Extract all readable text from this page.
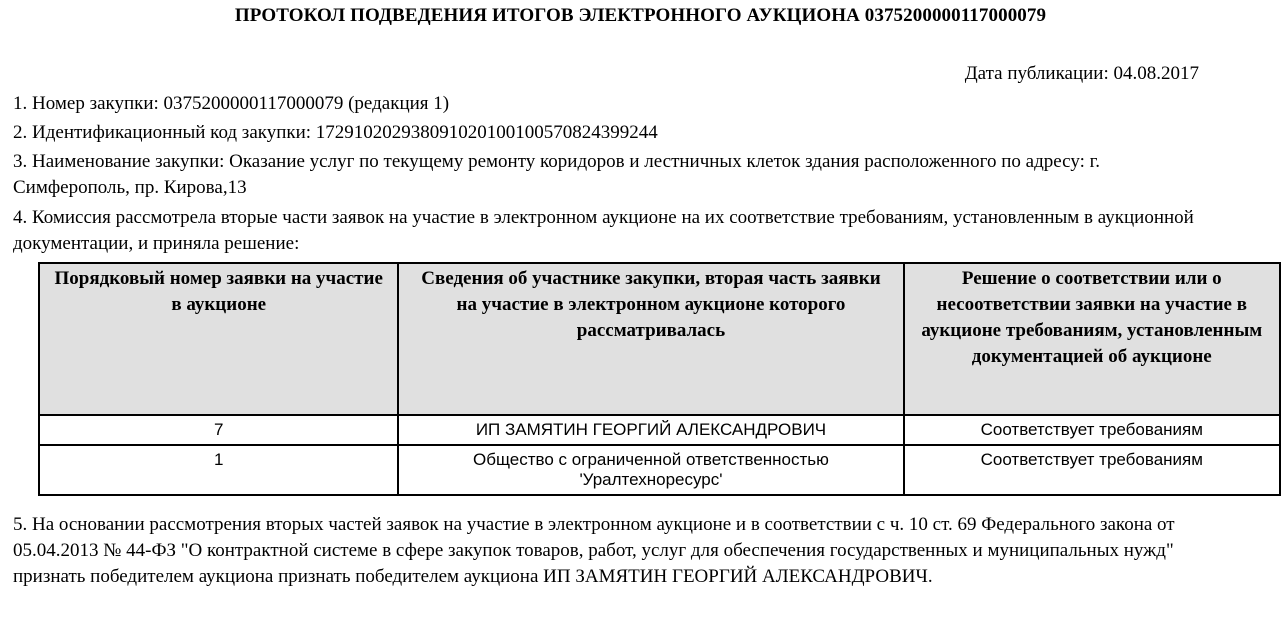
ПРОТОКОЛ ПОДВЕДЕНИЯ ИТОГОВ ЭЛЕКТРОННОГО АУКЦИОНА 0375200000117000079
Дата публикации: 04.08.2017
1. Номер закупки: 0375200000117000079 (редакция 1)
2. Идентификационный код закупки: 172910202938091020100100570824399244
3. Наименование закупки: Оказание услуг по текущему ремонту коридоров и лестничных клеток здания расположенного по адресу: г. Симферополь, пр. Кирова,13
4. Комиссия рассмотрела вторые части заявок на участие в электронном аукционе на их соответствие требованиям, установленным в аукционной документации, и приняла решение:
Порядковый номер заявки на участие в аукционе	Сведения об участнике закупки, вторая часть заявки на участие в электронном аукционе которого рассматривалась	Решение о соответствии или о несоответствии заявки на участие в аукционе требованиям, установленным документацией об аукционе
7	ИП ЗАМЯТИН ГЕОРГИЙ АЛЕКСАНДРОВИЧ	Соответствует требованиям
1	Общество с ограниченной ответственностью 'Уралтехноресурс'	Соответствует требованиям
5. На основании рассмотрения вторых частей заявок на участие в электронном аукционе и в соответствии с ч. 10 ст. 69 Федерального закона от 05.04.2013 № 44-ФЗ "О контрактной системе в сфере закупок товаров, работ, услуг для обеспечения государственных и муниципальных нужд" признать победителем аукциона признать победителем аукциона ИП ЗАМЯТИН ГЕОРГИЙ АЛЕКСАНДРОВИЧ.
